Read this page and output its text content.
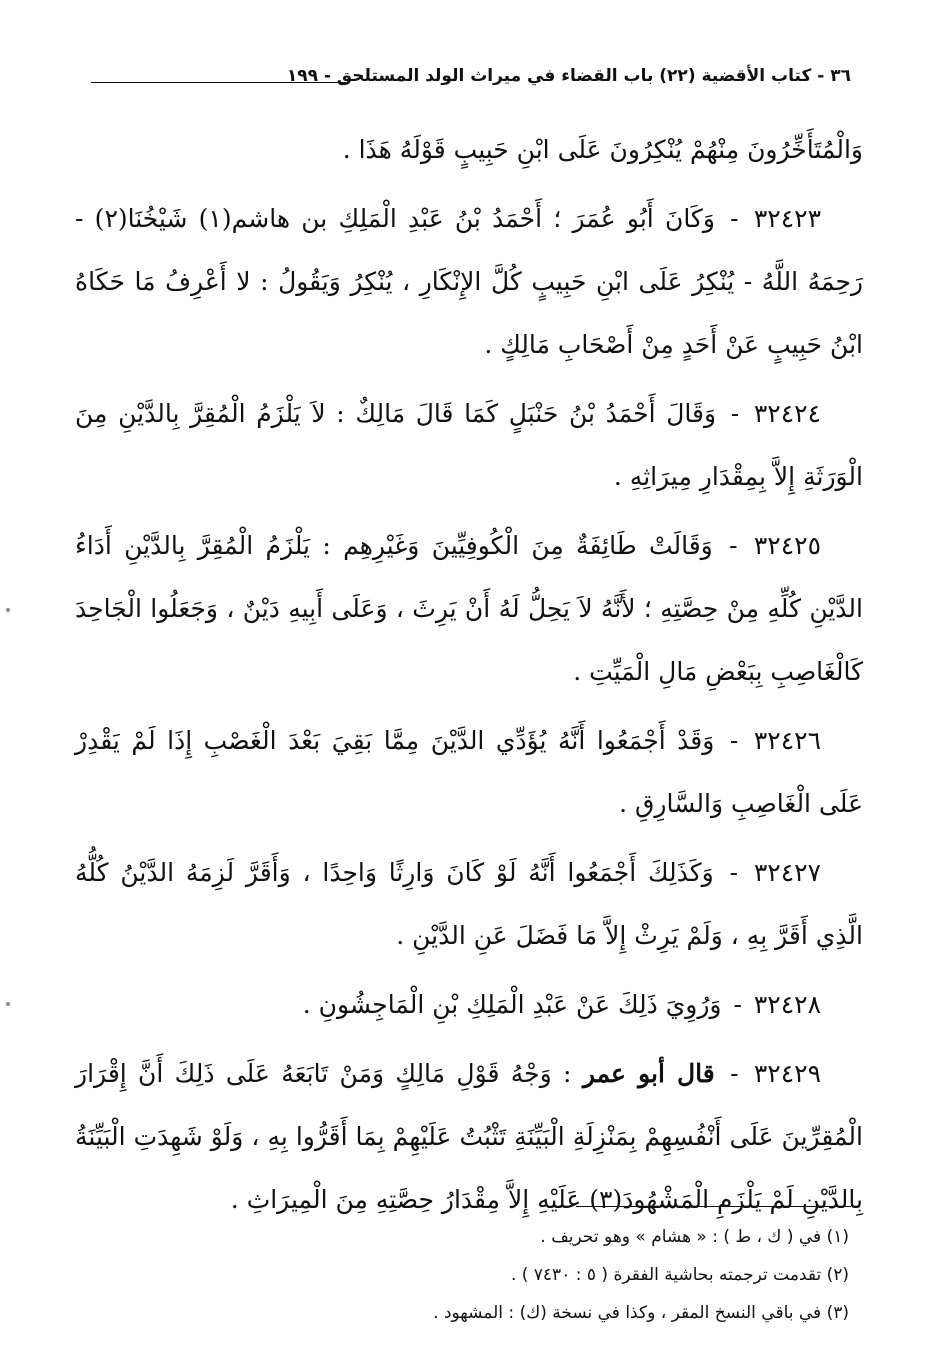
٣٦ - كتاب الأقضية (٢٢) باب القضاء في ميراث الولد المستلحق - ١٩٩

وَالْمُتَأَخِّرُونَ مِنْهُمْ يُنْكِرُونَ عَلَى ابْنِ حَبِيبٍ قَوْلَهُ هَذَا .

٣٢٤٢٣ - وَكَانَ أَبُو عُمَرَ ؛ أَحْمَدُ بْنُ عَبْدِ الْمَلِكِ بن هاشم(١) شَيْخُنَا(٢) - رَحِمَهُ اللَّهُ - يُنْكِرُ عَلَى ابْنِ حَبِيبٍ كُلَّ الإِنْكَارِ ، يُنْكِرُ وَيَقُولُ : لا أَعْرِفُ مَا حَكَاهُ ابْنُ حَبِيبٍ عَنْ أَحَدٍ مِنْ أَصْحَابِ مَالِكٍ .

٣٢٤٢٤ - وَقَالَ أَحْمَدُ بْنُ حَنْبَلٍ كَمَا قَالَ مَالِكٌ : لاَ يَلْزَمُ الْمُقِرَّ بِالدَّيْنِ مِنَ الْوَرَثَةِ إِلاَّ بِمِقْدَارِ مِيرَاثِهِ .

٣٢٤٢٥ - وَقَالَتْ طَائِفَةٌ مِنَ الْكُوفِيِّينَ وَغَيْرِهِم : يَلْزَمُ الْمُقِرَّ بِالدَّيْنِ أَدَاءُ الدَّيْنِ كُلِّهِ مِنْ حِصَّتِهِ ؛ لأَنَّهُ لاَ يَحِلُّ لَهُ أَنْ يَرِثَ ، وَعَلَى أَبِيهِ دَيْنٌ ، وَجَعَلُوا الْجَاحِدَ كَالْغَاصِبِ بِبَعْضِ مَالِ الْمَيِّتِ .

٣٢٤٢٦ - وَقَدْ أَجْمَعُوا أَنَّهُ يُؤَدِّي الدَّيْنَ مِمَّا بَقِيَ بَعْدَ الْغَصْبِ إِذَا لَمْ يَقْدِرْ عَلَى الْغَاصِبِ وَالسَّارِقِ .

٣٢٤٢٧ - وَكَذَلِكَ أَجْمَعُوا أَنَّهُ لَوْ كَانَ وَارِثًا وَاحِدًا ، وَأَقَرَّ لَزِمَهُ الدَّيْنُ كُلُّهُ الَّذِي أَقَرَّ بِهِ ، وَلَمْ يَرِثْ إِلاَّ مَا فَضَلَ عَنِ الدَّيْنِ .

٣٢٤٢٨ - وَرُوِيَ ذَلِكَ عَنْ عَبْدِ الْمَلِكِ بْنِ الْمَاجِشُونِ .

٣٢٤٢٩ - قال أبو عمر : وَجْهُ قَوْلِ مَالِكٍ وَمَنْ تَابَعَهُ عَلَى ذَلِكَ أَنَّ إِقْرَارَ الْمُقِرِّينَ عَلَى أَنْفُسِهِمْ بِمَنْزِلَةِ الْبَيِّنَةِ تَثْبُتُ عَلَيْهِمْ بِمَا أَقَرُّوا بِهِ ، وَلَوْ شَهِدَتِ الْبَيِّنَةُ بِالدَّيْنِ لَمْ يَلْزَمِ الْمَشْهُودَ(٣) عَلَيْهِ إِلاَّ مِقْدَارُ حِصَّتِهِ مِنَ الْمِيرَاثِ .

(١) في ( ك ، ط ) : « هشام » وهو تحريف .

(٢) تقدمت ترجمته بحاشية الفقرة ( ٥ : ٧٤٣٠ ) .

(٣) في باقي النسخ المقر ، وكذا في نسخة (ك) : المشهود .
